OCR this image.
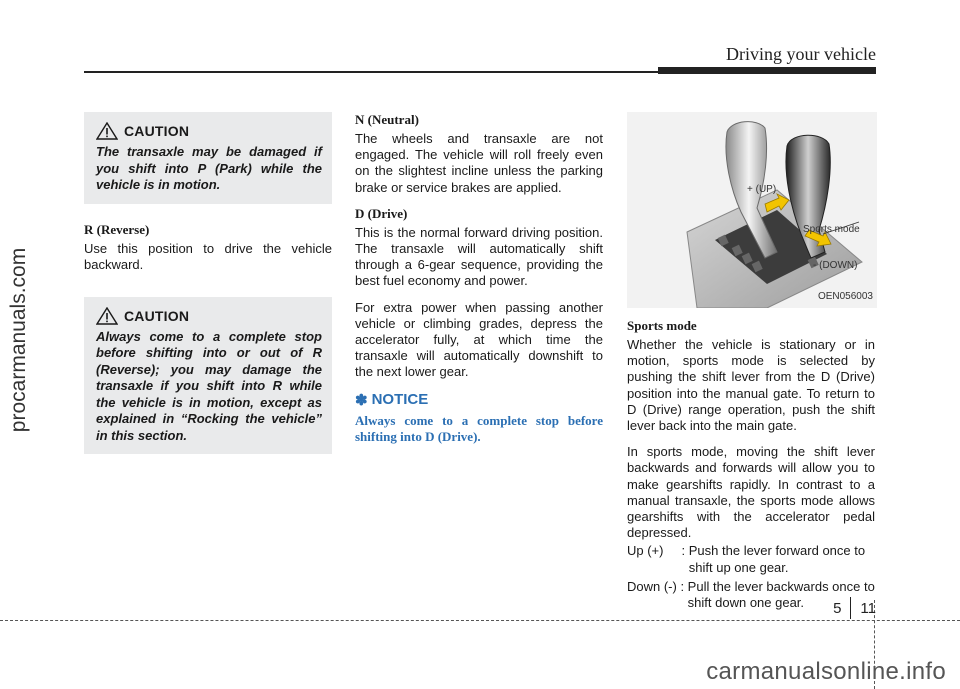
Driving your vehicle
procarmanuals.com
CAUTION
The transaxle may be damaged if you shift into P (Park) while the vehicle is in motion.
R (Reverse)

Use this position to drive the vehicle backward.

CAUTION
Always come to a complete stop before shifting into or out of R (Reverse); you may damage the transaxle if you shift into R while the vehicle is in motion, except as explained in “Rocking the vehicle” in this section.
N (Neutral)

The wheels and transaxle are not engaged. The vehicle will roll freely even on the slightest incline unless the parking brake or service brakes are applied.

D (Drive)

This is the normal forward driving position. The transaxle will automatically shift through a 6-gear sequence, providing the best fuel economy and power.

For extra power when passing another vehicle or climbing grades, depress the accelerator fully, at which time the transaxle will automatically downshift to the next lower gear.

✽ NOTICE
Always come to a complete stop before shifting into D (Drive).
+ (UP)
Sports mode
- (DOWN)
OEN056003
Sports mode

Whether the vehicle is stationary or in motion, sports mode is selected by pushing the shift lever from the D (Drive) position into the manual gate. To return to D (Drive) range operation, push the shift lever back into the main gate.

In sports mode, moving the shift lever backwards and forwards will allow you to make gearshifts rapidly. In contrast to a manual transaxle, the sports mode allows gearshifts with the accelerator pedal depressed.

Up (+)     : Push the lever forward once to shift up one gear.
Down (-) : Pull the lever backwards once to shift down one gear.	5 11
carmanualsonline.info
